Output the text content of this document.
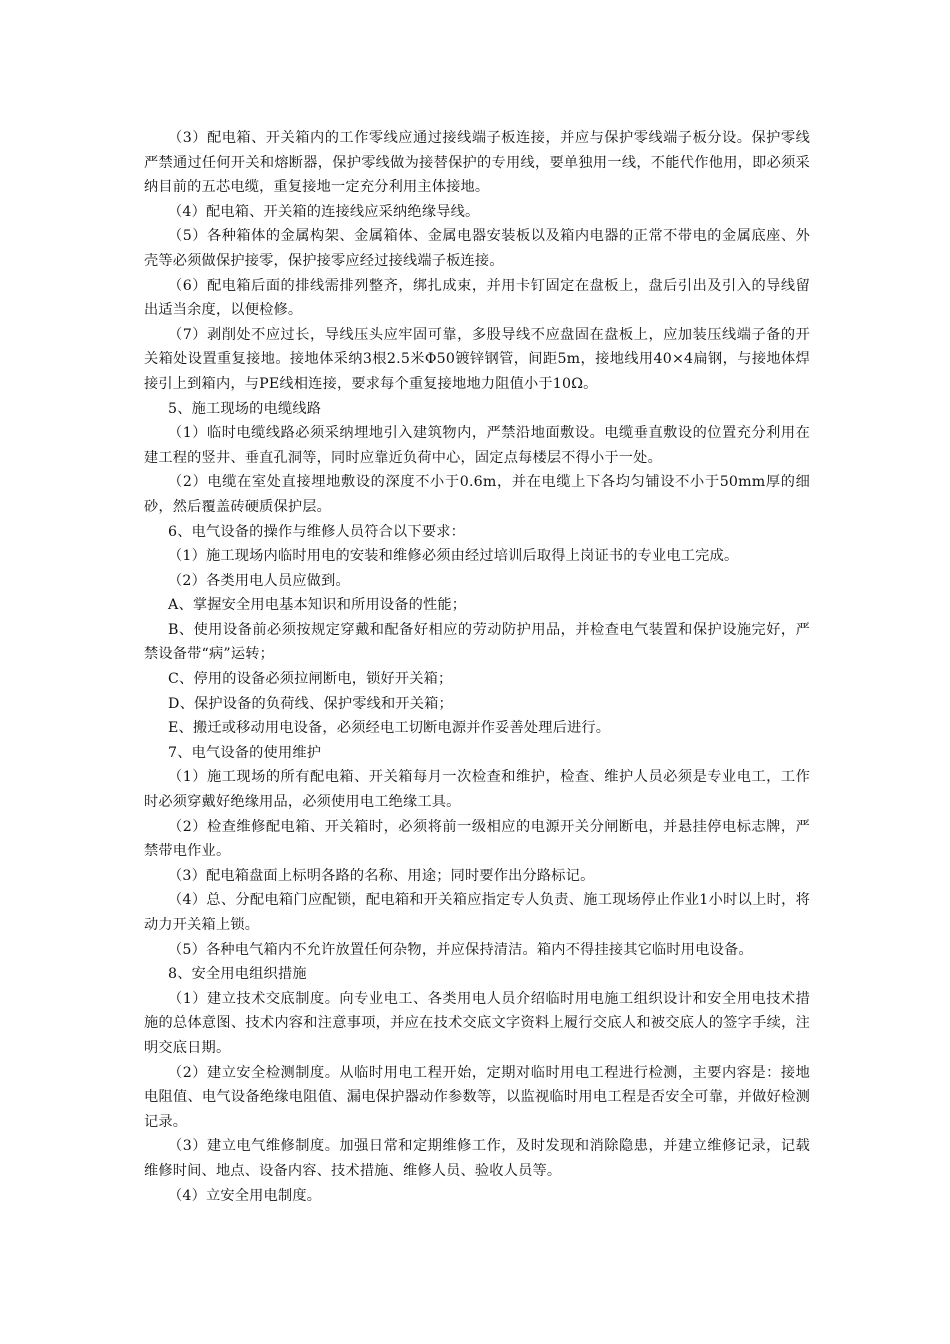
（3）配电箱、开关箱内的工作零线应通过接线端子板连接，并应与保护零线端子板分设。保护零线严禁通过任何开关和熔断器，保护零线做为接替保护的专用线，要单独用一线，不能代作他用，即必须采纳目前的五芯电缆，重复接地一定充分利用主体接地。

（4）配电箱、开关箱的连接线应采纳绝缘导线。

（5）各种箱体的金属构架、金属箱体、金属电器安装板以及箱内电器的正常不带电的金属底座、外壳等必须做保护接零，保护接零应经过接线端子板连接。

（6）配电箱后面的排线需排列整齐，绑扎成束，并用卡钉固定在盘板上，盘后引出及引入的导线留出适当余度，以便检修。

（7）剥削处不应过长，导线压头应牢固可靠，多股导线不应盘固在盘板上，应加装压线端子备的开关箱处设置重复接地。接地体采纳3根2.5米Φ50镀锌钢管，间距5m，接地线用40×4扁钢，与接地体焊接引上到箱内，与PE线相连接，要求每个重复接地地力阻值小于10Ω。

5、施工现场的电缆线路

（1）临时电缆线路必须采纳埋地引入建筑物内，严禁沿地面敷设。电缆垂直敷设的位置充分利用在建工程的竖井、垂直孔洞等，同时应靠近负荷中心，固定点每楼层不得小于一处。

（2）电缆在室处直接埋地敷设的深度不小于0.6m，并在电缆上下各均匀铺设不小于50mm厚的细砂，然后覆盖砖硬质保护层。

6、电气设备的操作与维修人员符合以下要求：

（1）施工现场内临时用电的安装和维修必须由经过培训后取得上岗证书的专业电工完成。

（2）各类用电人员应做到。

A、掌握安全用电基本知识和所用设备的性能；

B、使用设备前必须按规定穿戴和配备好相应的劳动防护用品，并检查电气装置和保护设施完好，严禁设备带“病”运转；

C、停用的设备必须拉闸断电，锁好开关箱；

D、保护设备的负荷线、保护零线和开关箱；

E、搬迁或移动用电设备，必须经电工切断电源并作妥善处理后进行。

7、电气设备的使用维护

（1）施工现场的所有配电箱、开关箱每月一次检查和维护，检查、维护人员必须是专业电工，工作时必须穿戴好绝缘用品，必须使用电工绝缘工具。

（2）检查维修配电箱、开关箱时，必须将前一级相应的电源开关分闸断电，并悬挂停电标志牌，严禁带电作业。

（3）配电箱盘面上标明各路的名称、用途；同时要作出分路标记。

（4）总、分配电箱门应配锁，配电箱和开关箱应指定专人负责、施工现场停止作业1小时以上时，将动力开关箱上锁。

（5）各种电气箱内不允许放置任何杂物，并应保持清洁。箱内不得挂接其它临时用电设备。

8、安全用电组织措施

（1）建立技术交底制度。向专业电工、各类用电人员介绍临时用电施工组织设计和安全用电技术措施的总体意图、技术内容和注意事项，并应在技术交底文字资料上履行交底人和被交底人的签字手续，注明交底日期。

（2）建立安全检测制度。从临时用电工程开始，定期对临时用电工程进行检测，主要内容是：接地电阻值、电气设备绝缘电阻值、漏电保护器动作参数等，以监视临时用电工程是否安全可靠，并做好检测记录。

（3）建立电气维修制度。加强日常和定期维修工作，及时发现和消除隐患，并建立维修记录，记载维修时间、地点、设备内容、技术措施、维修人员、验收人员等。

（4）立安全用电制度。
